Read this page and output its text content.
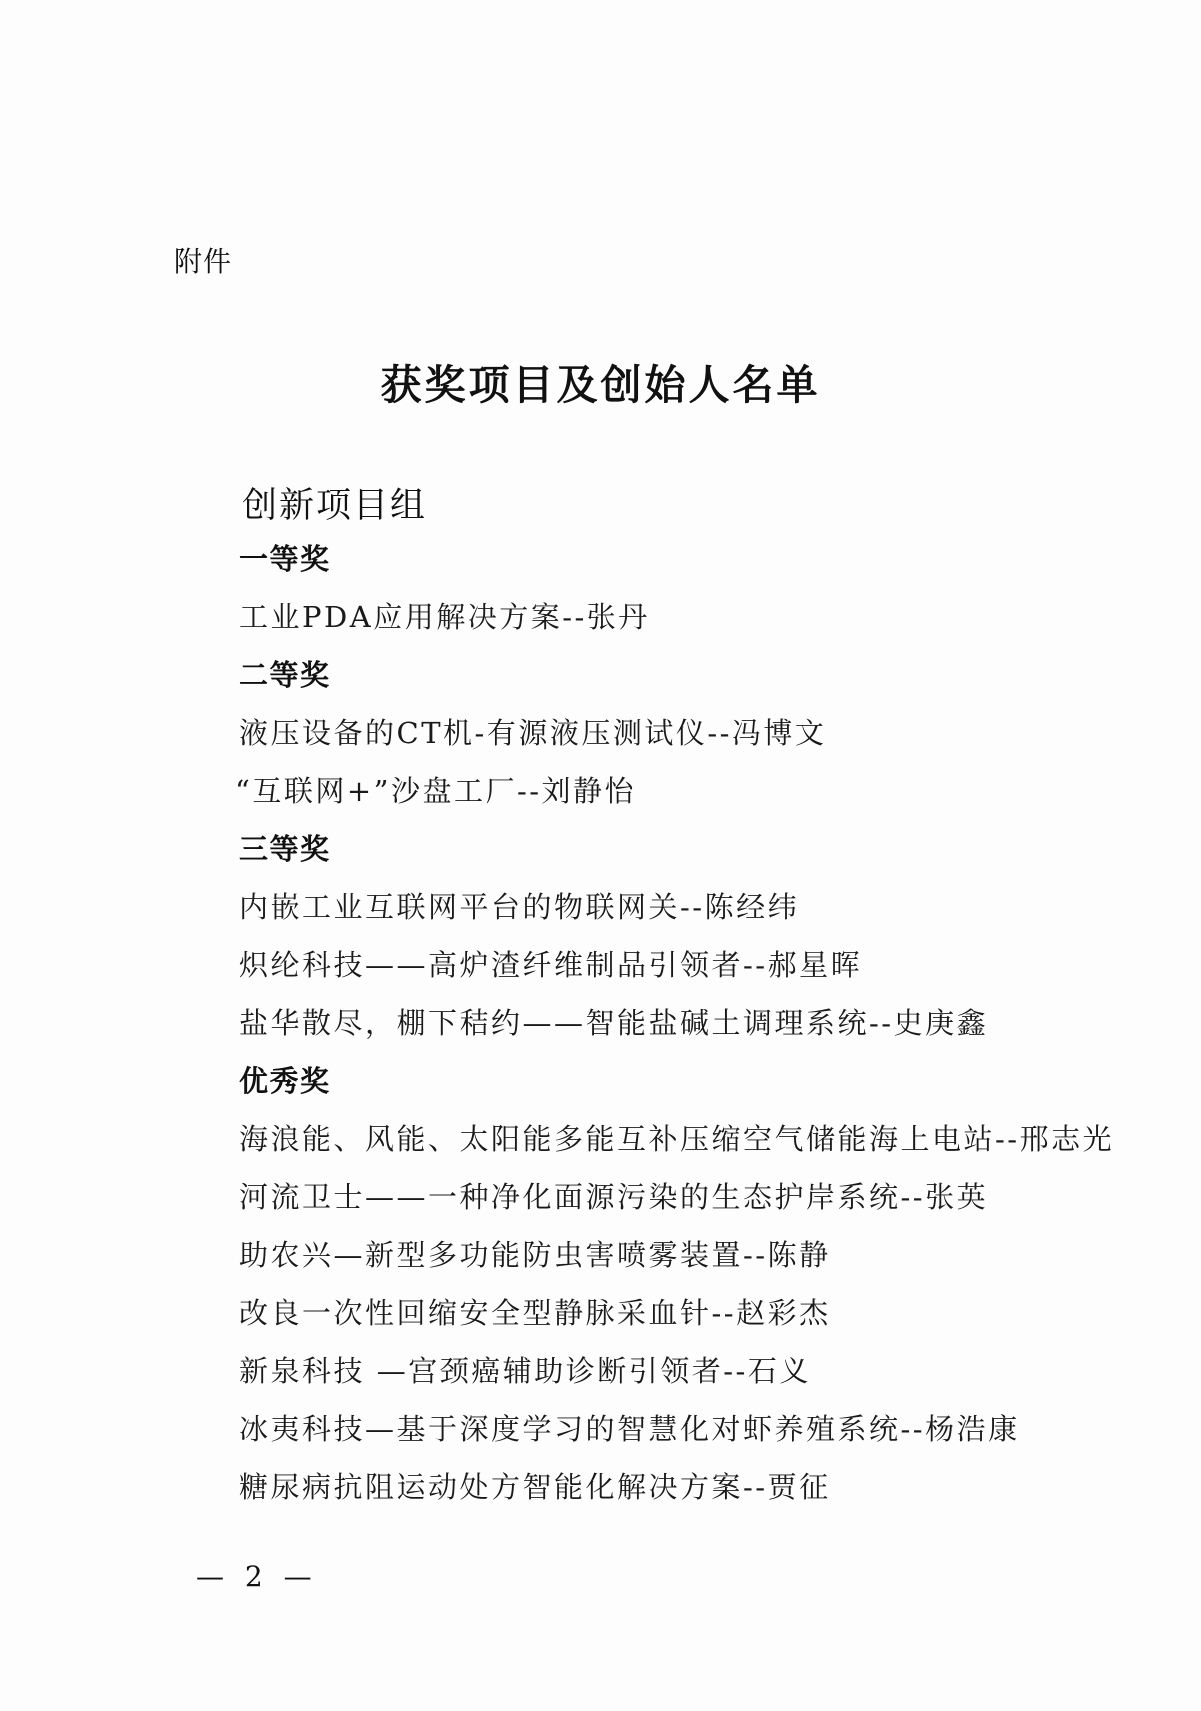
附件
获奖项目及创始人名单
创新项目组
一等奖
工业PDA应用解决方案--张丹
二等奖
液压设备的CT机-有源液压测试仪--冯博文
“互联网+”沙盘工厂--刘静怡
三等奖
内嵌工业互联网平台的物联网关--陈经纬
炽纶科技——高炉渣纤维制品引领者--郝星晖
盐华散尽，棚下秸约——智能盐碱土调理系统--史庚鑫
优秀奖
海浪能、风能、太阳能多能互补压缩空气储能海上电站--邢志光
河流卫士——一种净化面源污染的生态护岸系统--张英
助农兴—新型多功能防虫害喷雾装置--陈静
改良一次性回缩安全型静脉采血针--赵彩杰
新泉科技 —宫颈癌辅助诊断引领者--石义
冰夷科技—基于深度学习的智慧化对虾养殖系统--杨浩康
糖尿病抗阻运动处方智能化解决方案--贾征
— 2 —
